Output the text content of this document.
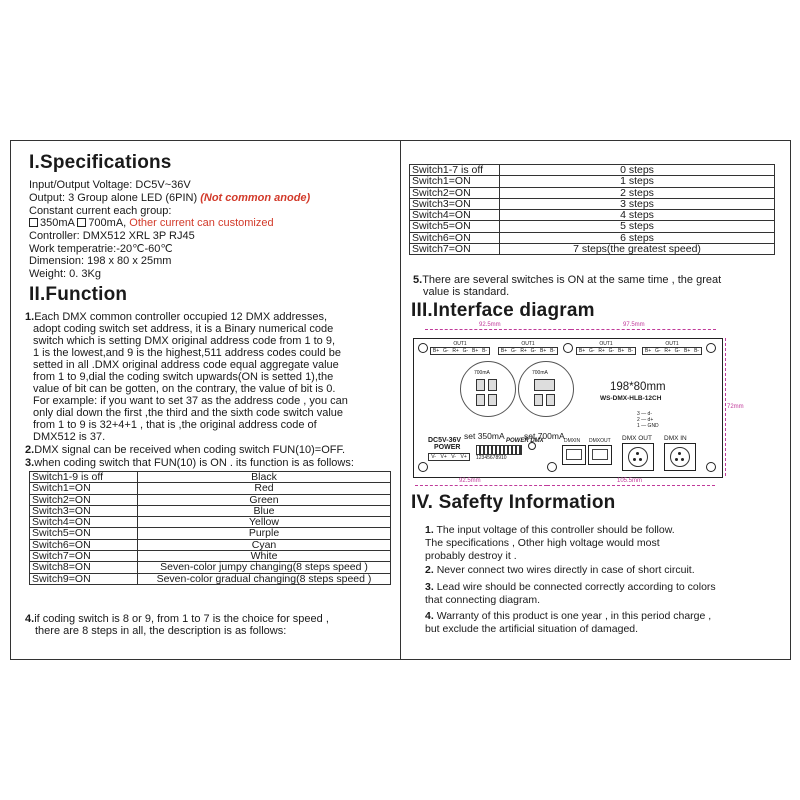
I.Specifications
Input/Output Voltage: DC5V~36V
Output: 3 Group alone LED (6PIN) (Not common anode)
Constant current each group:
350mA 700mA, Other current can customized
Controller: DMX512 XRL 3P RJ45
Work temperatrie:-20℃-60℃
Dimension: 198 x 80 x 25mm
Weight: 0. 3Kg
II.Function
1.Each DMX common controller occupied 12 DMX addresses,
adopt coding switch set address, it is a Binary numerical code
switch which is setting DMX original address code from 1 to 9,
1 is the lowest,and 9 is the highest,511 address codes could be
setted in all .DMX original address code equal aggregate value
from 1 to 9,dial the coding switch upwards(ON is setted 1),the
value of bit can be gotten, on the contrary, the value of bit is 0.
For example: if you want to set 37 as the address code , you can
only dial down the first ,the third and the sixth code switch value
from 1 to 9 is 32+4+1 , that is ,the original address code of
DMX512 is 37.
2.DMX signal can be received when coding switch FUN(10)=OFF.
3.when coding switch that FUN(10) is ON . its function is as follows:
Switch1-9 is off	Black
Switch1=ON	Red
Switch2=ON	Green
Switch3=ON	Blue
Switch4=ON	Yellow
Switch5=ON	Purple
Switch6=ON	Cyan
Switch7=ON	White
Switch8=ON	Seven-color jumpy changing(8 steps speed )
Switch9=ON	Seven-color gradual changing(8 steps speed )
4.if coding switch is 8 or 9, from 1 to 7 is the choice for speed ,
there are 8 steps in all, the description is as follows:
Switch1-7 is off	0 steps
Switch1=ON	1 steps
Switch2=ON	2 steps
Switch3=ON	3 steps
Switch4=ON	4 steps
Switch5=ON	5 steps
Switch6=ON	6 steps
Switch7=ON	7 steps(the greatest speed)
5.There are several switches is ON at the same time , the great
value is standard.
III.Interface diagram
92.5mm	97.5mm
OUT1
B+ G- R+ G- B+ B-
OUT1
B+ G- R+ G- B+ B-
OUT1
B+ G- R+ G- B+ B-
OUT1
B+ G- R+ G- B+ B-
700mA	700mA
set 350mA set 700mA
198*80mm
WS-DMX-HLB-12CH
3 — d-
2 — d+
1 — GND
DC5V-36V
POWER
V- V+ V- V+
POWER DMX
12345678910
DMXIN DMXOUT DMX OUT DMX IN
72mm
92.5mm	105.5mm
IV. Safefty Information
1. The input voltage of this controller should be follow.
The specifications , Other high voltage would most
probably destroy it .
2. Never connect two wires directly in case of short circuit.
3. Lead wire should be connected correctly according to colors
that connecting diagram.
4. Warranty of this product is one year , in this period charge ,
but exclude the artificial situation of damaged.
